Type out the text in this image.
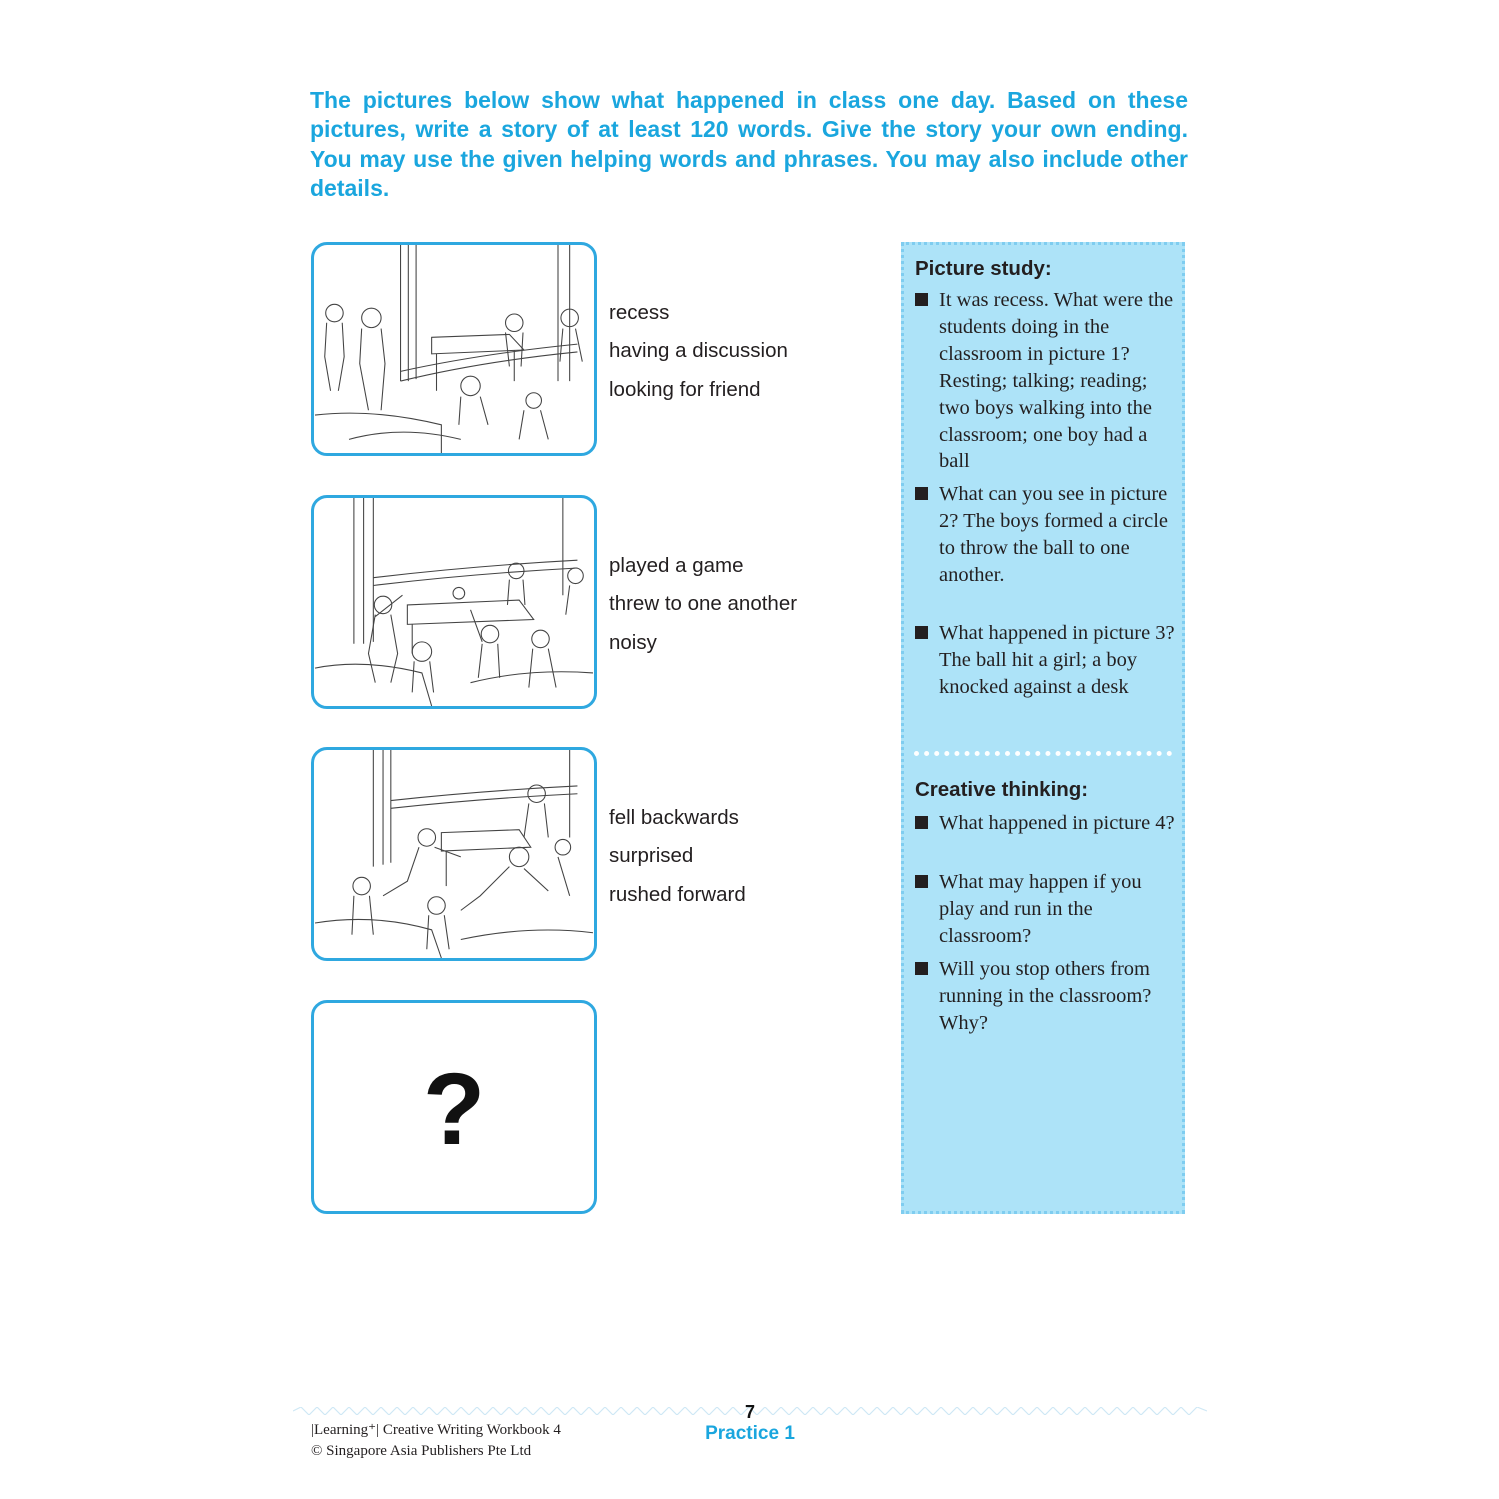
The pictures below show what happened in class one day. Based on these pictures, write a story of at least 120 words. Give the story your own ending. You may use the given helping words and phrases. You may also include other details.

recess
having a discussion
looking for friend
played a game
threw to one another
noisy
fell backwards
surprised
rushed forward
?
Picture study:
It was recess. What were the students doing in the classroom in picture 1? Resting; talking; reading; two boys walking into the classroom; one boy had a ball
What can you see in picture 2? The boys formed a circle to throw the ball to one another.
What happened in picture 3? The ball hit a girl; a boy knocked against a desk
Creative thinking:
What happened in picture 4?
What may happen if you play and run in the classroom?
Will you stop others from running in the classroom? Why?
|Learning⁺| Creative Writing Workbook 4
© Singapore Asia Publishers Pte Ltd
7
Practice 1
